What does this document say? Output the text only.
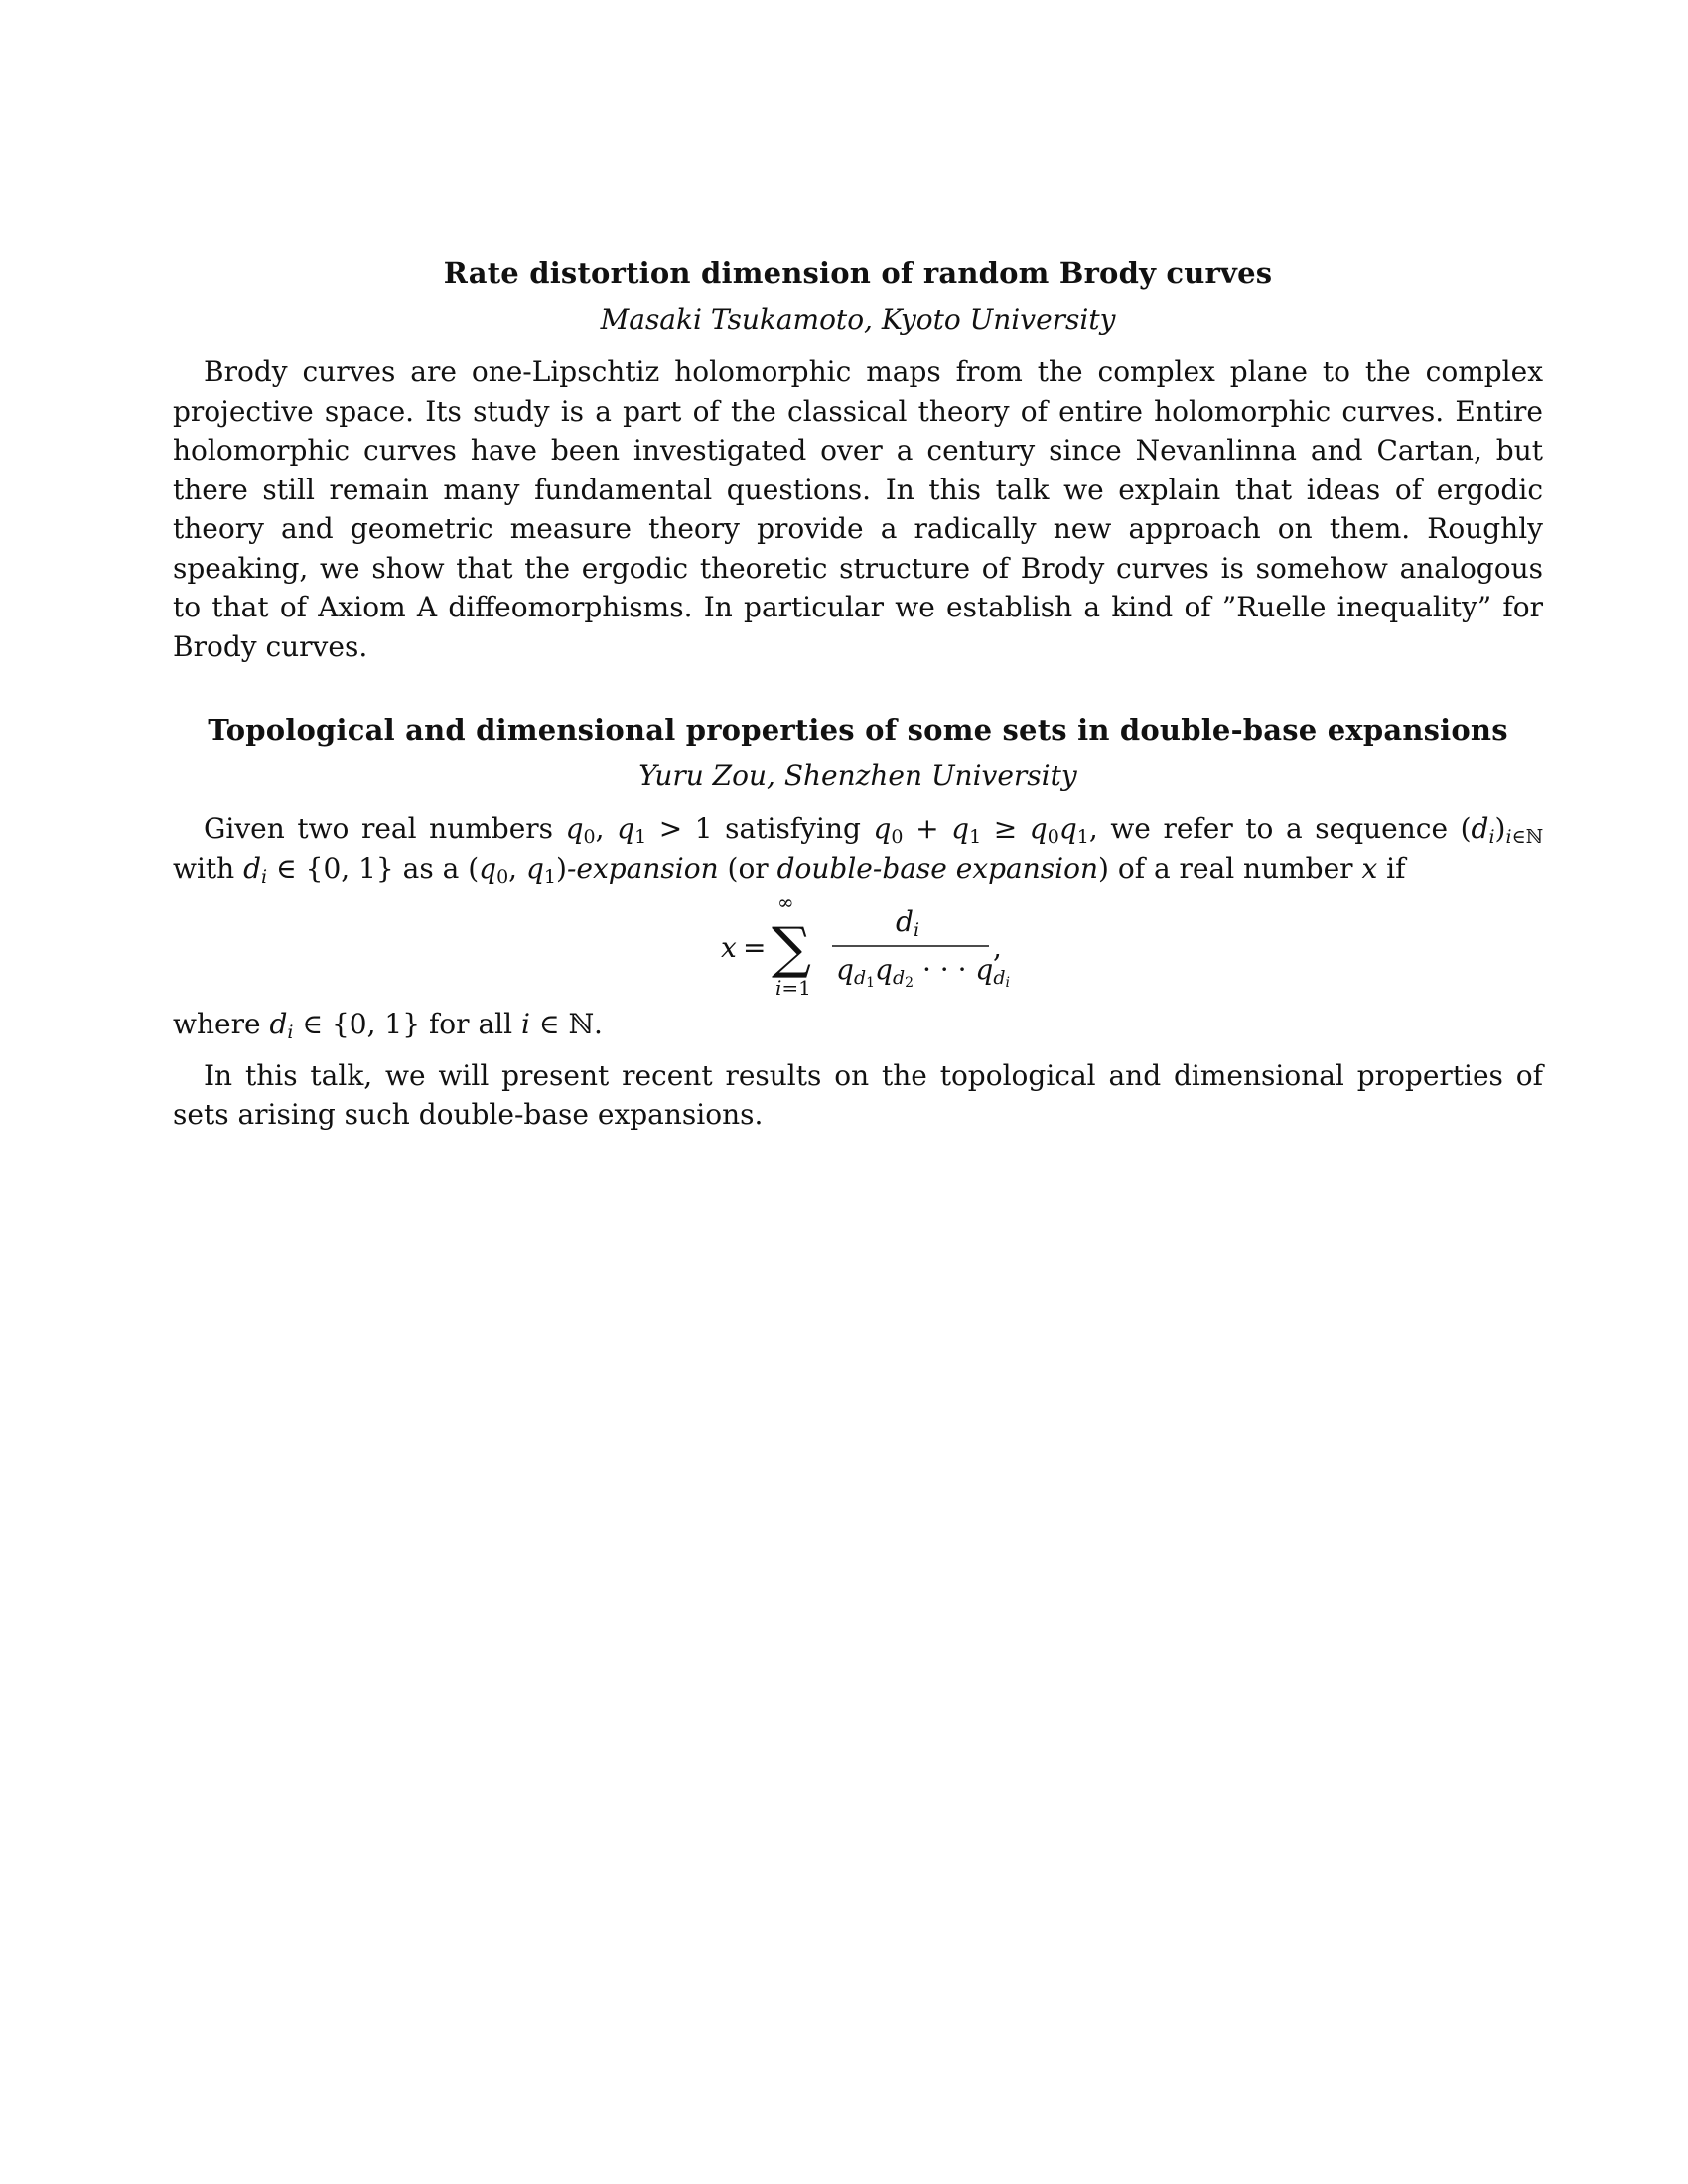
Rate distortion dimension of random Brody curves
Masaki Tsukamoto, Kyoto University

Brody curves are one-Lipschtiz holomorphic maps from the complex plane to the complex projective space. Its study is a part of the classical theory of entire holomorphic curves. Entire holomorphic curves have been investigated over a century since Nevanlinna and Cartan, but there still remain many fundamental questions. In this talk we explain that ideas of ergodic theory and geometric measure theory provide a radically new approach on them. Roughly speaking, we show that the ergodic theoretic structure of Brody curves is somehow analogous to that of Axiom A diffeomorphisms. In particular we establish a kind of ”Ruelle inequality” for Brody curves.

Topological and dimensional properties of some sets in double-base expansions
Yuru Zou, Shenzhen University

Given two real numbers $q_0$, $q_1 > 1$ satisfying $q_0 + q_1 \ge q_0q_1$, we refer to a sequence $(d_i)_{i\in ℕ}$ with $d_i$ ∈ {0, 1} as a ($q_0$, $q_1$)-expansion (or double-base expansion) of a real number x if

x =
∞
∑
i=1
di
qd1qd2 · · · qdi
,

where $d_i$ ∈ {0, 1} for all i ∈ ℕ.

In this talk, we will present recent results on the topological and dimensional properties of sets arising such double-base expansions.
